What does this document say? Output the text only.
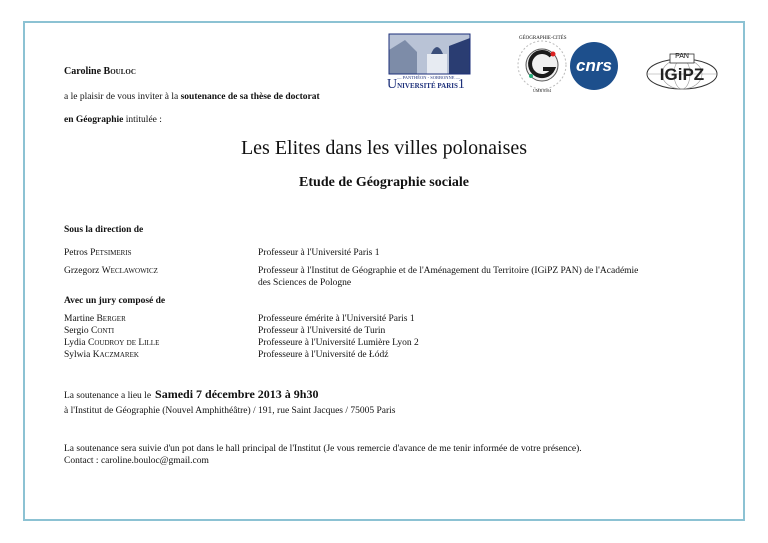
Caroline Bouloc
a le plaisir de vous inviter à la soutenance de sa thèse de doctorat
en Géographie intitulée :
— PANTHÉON - SORBONNE —
UNIVERSITÉ PARIS1
GÉOGRAPHIE-CITÉS
UMR 8504
cnrs	PAN
IGiPZ
Les Elites dans les villes polonaises
Etude de Géographie sociale
Sous la direction de
Petros Petsimeris	Professeur à l'Université Paris 1
Grzegorz Weclawowicz	Professeur à l'Institut de Géographie et de l'Aménagement du Territoire (IGiPZ PAN) de l'Académie
des Sciences de Pologne
Avec un jury composé de
Martine Berger	Professeure émérite à l'Université Paris 1
Sergio Conti	Professeur à l'Université de Turin
Lydia Coudroy de Lille	Professeure à l'Université Lumière Lyon 2
Sylwia Kaczmarek	Professeure à l'Université de Łódź
La soutenance a lieu le Samedi 7 décembre 2013 à 9h30
à l'Institut de Géographie (Nouvel Amphithéâtre) / 191, rue Saint Jacques / 75005 Paris
La soutenance sera suivie d'un pot dans le hall principal de l'Institut (Je vous remercie d'avance de me tenir informée de votre présence).
Contact : caroline.bouloc@gmail.com
